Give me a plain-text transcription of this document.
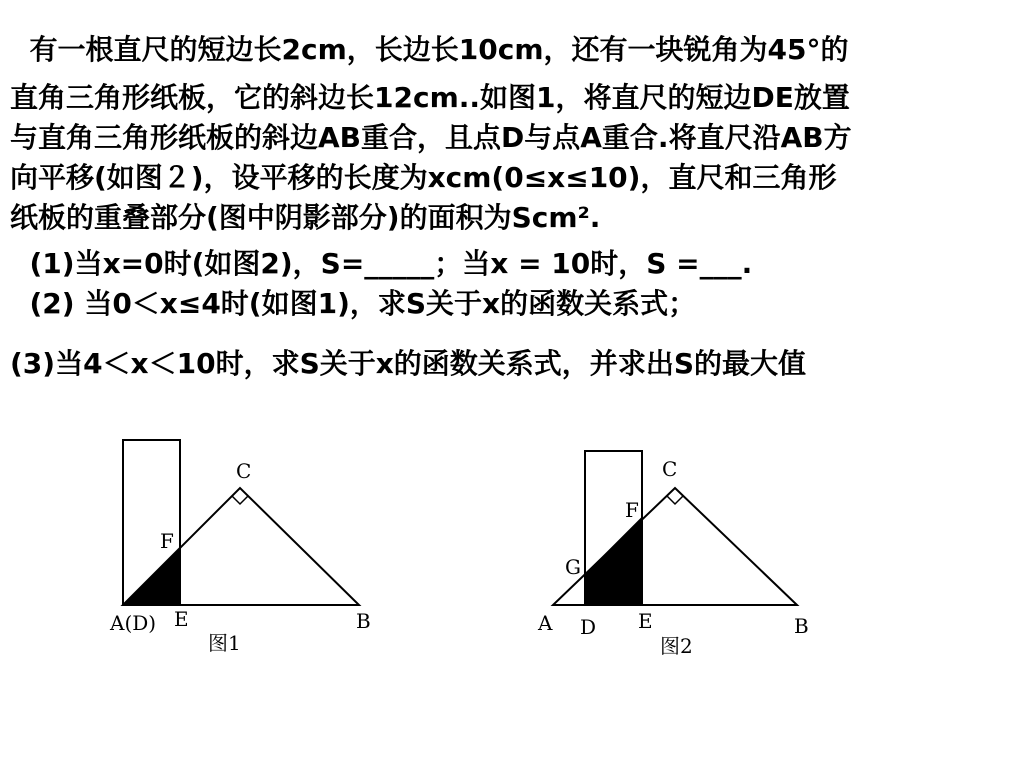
有一根直尺的短边长2cm，长边长10cm，还有一块锐角为45°的
直角三角形纸板，它的斜边长12cm..如图1，将直尺的短边DE放置
与直角三角形纸板的斜边AB重合，且点D与点A重合.将直尺沿AB方
向平移(如图２)，设平移的长度为xcm(0≤x≤10)，直尺和三角形
纸板的重叠部分(图中阴影部分)的面积为Scm².
(1)当x=0时(如图2)，S=_____；当x = 10时，S =___.
(2) 当0＜x≤4时(如图1)，求S关于x的函数关系式；
(3)当4＜x＜10时，求S关于x的函数关系式，并求出S的最大值
A(D) E	B
C
F
图1
A D E	B
C
F
G
图2
